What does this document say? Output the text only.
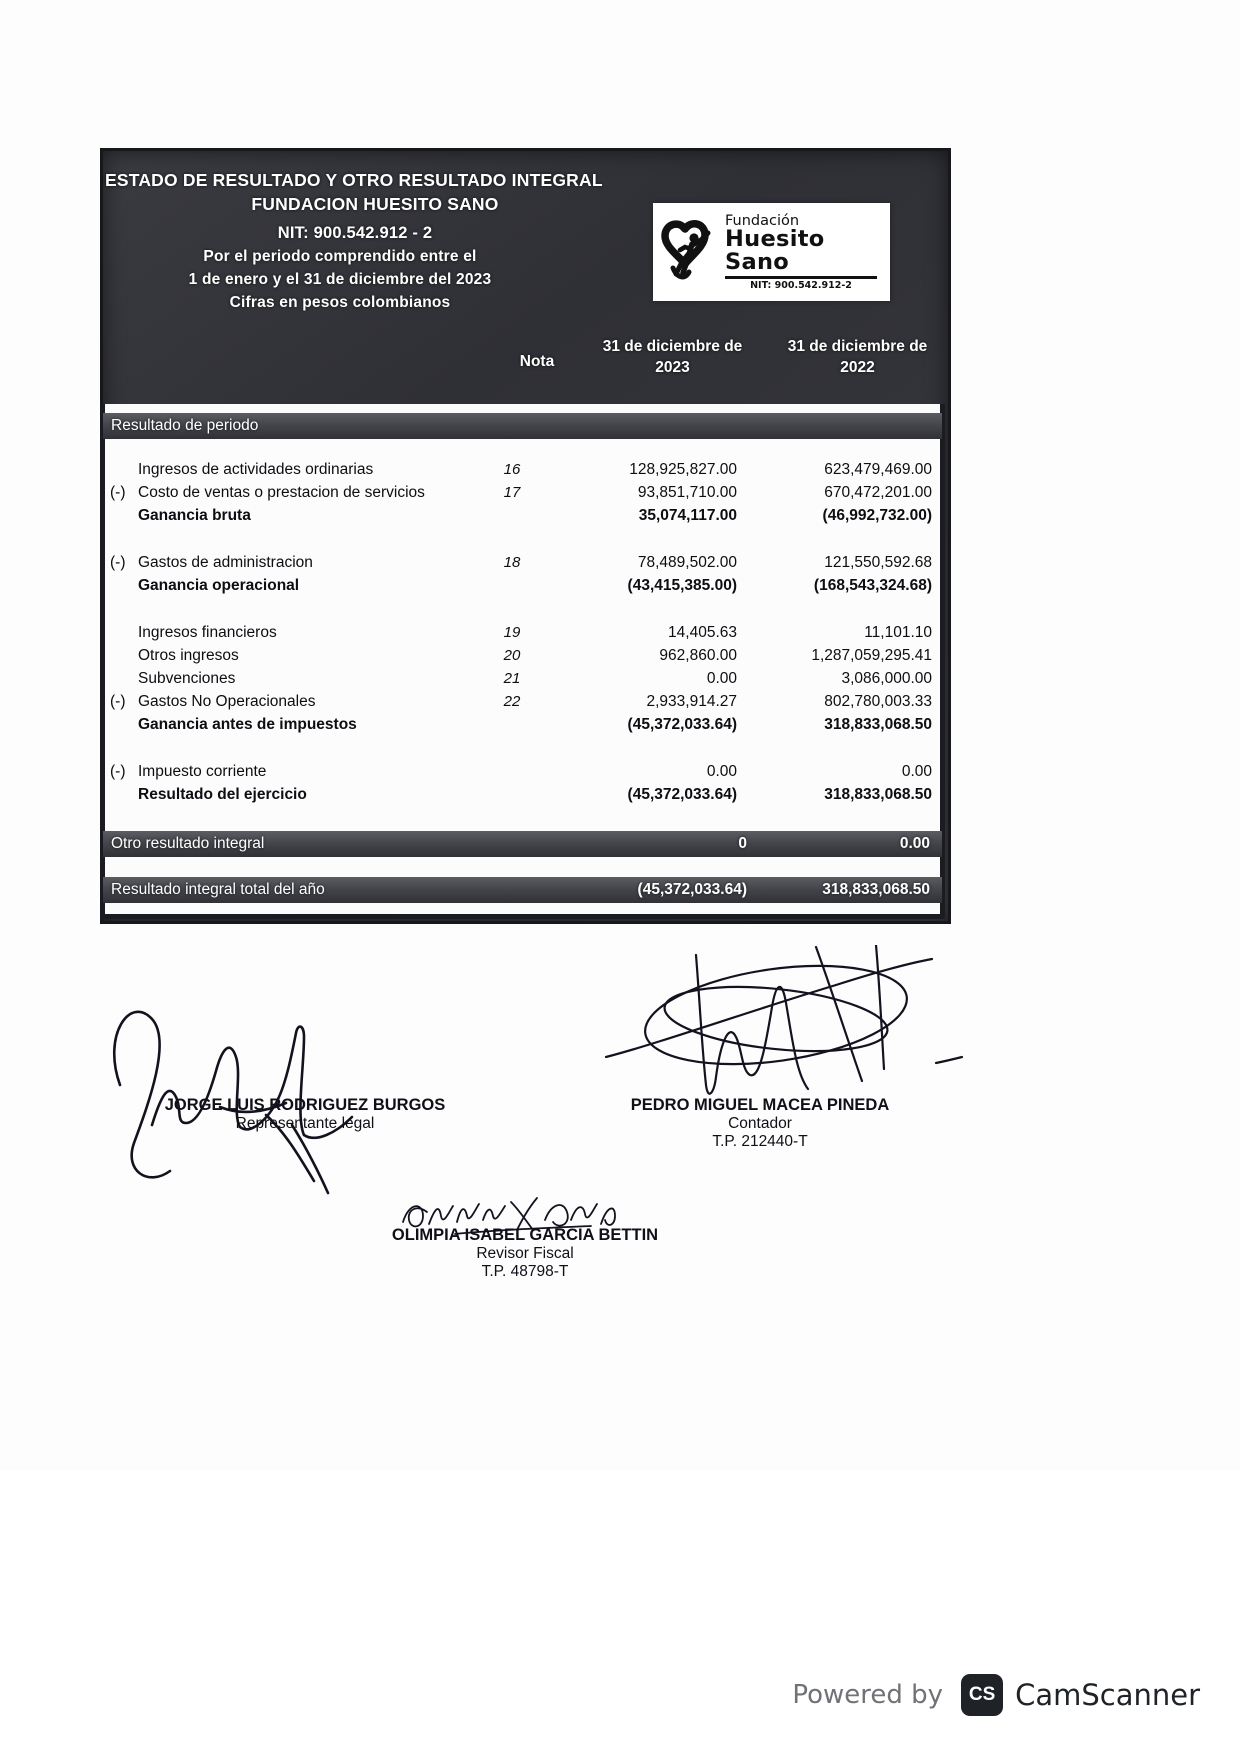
ESTADO DE RESULTADO Y OTRO RESULTADO INTEGRAL
FUNDACION HUESITO SANO
NIT: 900.542.912 - 2
Por el periodo comprendido entre el
1 de enero y el 31 de diciembre del 2023
Cifras en pesos colombianos
Fundación
Huesito Sano
NIT: 900.542.912-2
Nota
31 de diciembre de
2023
31 de diciembre de
2022
Resultado de periodo
Ingresos de actividades ordinarias	16	128,925,827.00	623,479,469.00
(-) Costo de ventas o prestacion de servicios	17	93,851,710.00	670,472,201.00
Ganancia bruta	35,074,117.00	(46,992,732.00)
(-) Gastos de administracion	18	78,489,502.00	121,550,592.68
Ganancia operacional	(43,415,385.00)	(168,543,324.68)
Ingresos financieros	19	14,405.63	11,101.10
Otros ingresos	20	962,860.00	1,287,059,295.41
Subvenciones	21	0.00	3,086,000.00
(-) Gastos No Operacionales	22	2,933,914.27	802,780,003.33
Ganancia antes de impuestos	(45,372,033.64)	318,833,068.50
(-) Impuesto corriente	0.00	0.00
Resultado del ejercicio	(45,372,033.64)	318,833,068.50
Otro resultado integral	0	0.00
Resultado integral total del año	(45,372,033.64)	318,833,068.50
JORGE LUIS RODRIGUEZ BURGOS
Representante legal
PEDRO MIGUEL MACEA PINEDA
Contador
T.P. 212440-T
OLIMPIA ISABEL GARCIA BETTIN
Revisor Fiscal
T.P. 48798-T
Powered by	CS CamScanner
